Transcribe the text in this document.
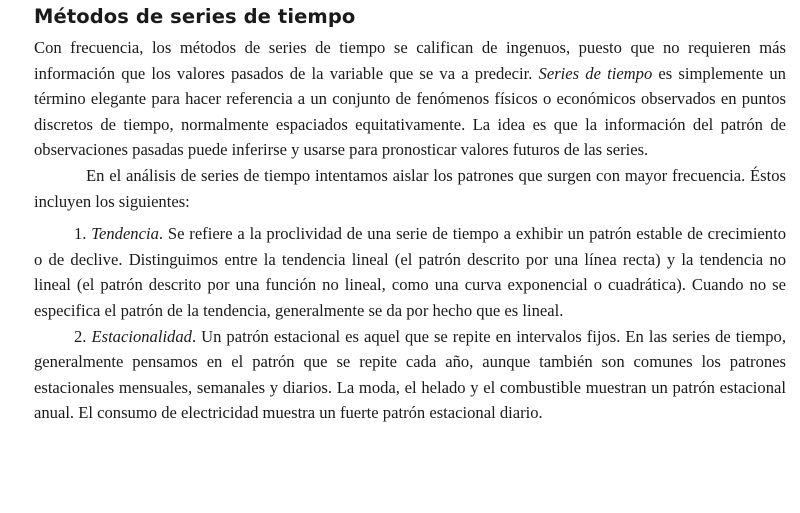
Métodos de series de tiempo

Con frecuencia, los métodos de series de tiempo se califican de ingenuos, puesto que no requieren más información que los valores pasados de la variable que se va a predecir. Series de tiempo es simplemente un término elegante para hacer referencia a un conjunto de fenómenos físicos o económicos observados en puntos discretos de tiempo, normalmente espaciados equitativamente. La idea es que la información del patrón de observaciones pasadas puede inferirse y usarse para pronosticar valores futuros de las series.

En el análisis de series de tiempo intentamos aislar los patrones que surgen con mayor frecuencia. Éstos incluyen los siguientes:

1. Tendencia. Se refiere a la proclividad de una serie de tiempo a exhibir un patrón estable de crecimiento o de declive. Distinguimos entre la tendencia lineal (el patrón descrito por una línea recta) y la tendencia no lineal (el patrón descrito por una función no lineal, como una curva exponencial o cuadrática). Cuando no se especifica el patrón de la tendencia, generalmente se da por hecho que es lineal.

2. Estacionalidad. Un patrón estacional es aquel que se repite en intervalos fijos. En las series de tiempo, generalmente pensamos en el patrón que se repite cada año, aunque también son comunes los patrones estacionales mensuales, semanales y diarios. La moda, el helado y el combustible muestran un patrón estacional anual. El consumo de electricidad muestra un fuerte patrón estacional diario.
